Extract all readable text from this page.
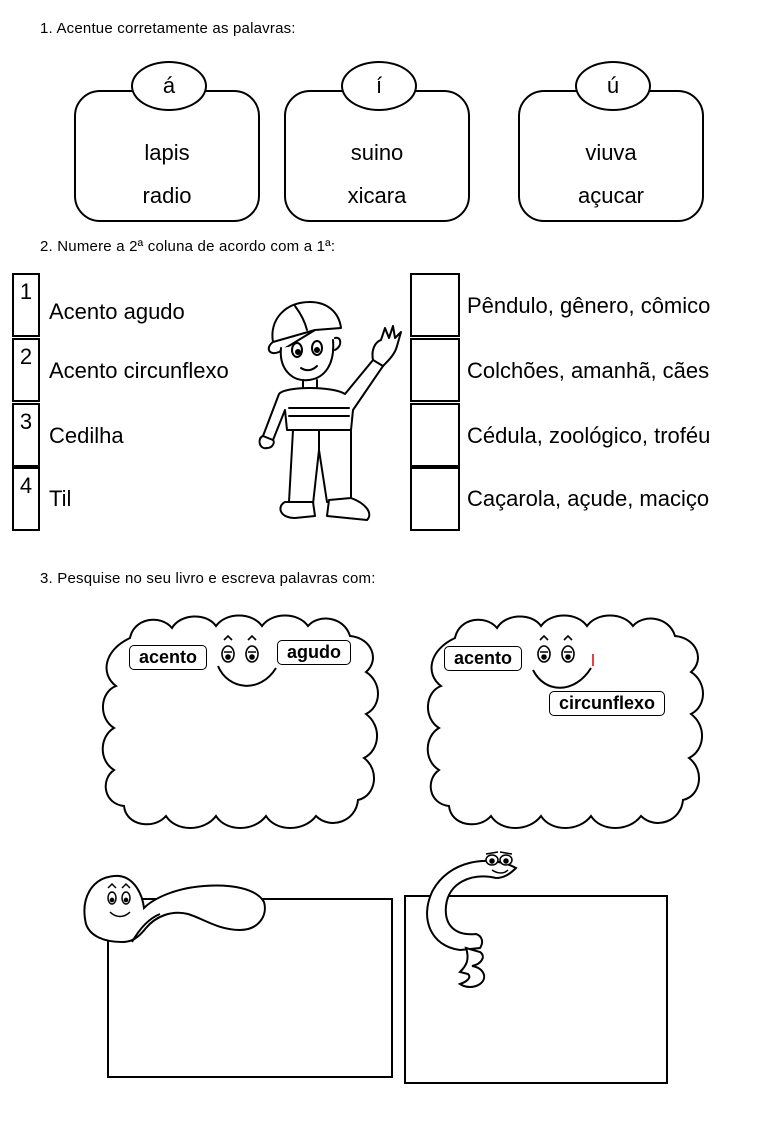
1. Acentue corretamente as palavras:
lapis
radio
á
suino
xicara
í
viuva
açucar
ú
2. Numere a 2ª coluna de acordo com a 1ª:
1
2
3
4
Acento agudo
Acento circunflexo
Cedilha
Til
Pêndulo, gênero, cômico
Colchões, amanhã, cães
Cédula, zoológico, troféu
Caçarola, açude, maciço
3. Pesquise no seu livro e escreva palavras com:
acento	agudo	acento
circunflexo
